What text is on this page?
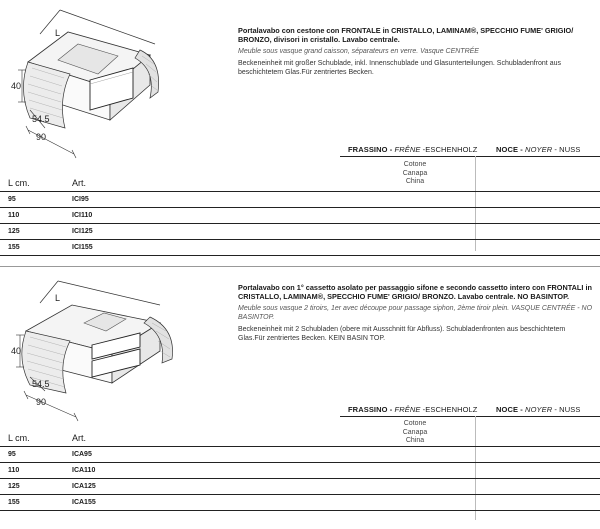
L
40
54.5
90
Portalavabo con cestone con FRONTALE in CRISTALLO, LAMINAM®, SPECCHIO FUME' GRIGIO/ BRONZO, divisori in cristallo. Lavabo centrale.
Meuble sous vasque grand caisson, séparateurs en verre. Vasque CENTRÉE
Beckeneinheit mit großer Schublade, inkl. Innenschublade und Glasunterteilungen. Schubladenfront aus beschichtetem Glas.Für zentriertes Becken.
FRASSINO - FRÊNE -ESCHENHOLZ NOCE - NOYER - NUSS
Cotone
Canapa
China
L cm.	Art.
95	ICI95
110	ICI110
125	ICI125
155	ICI155
L
40
54.5
90
Portalavabo con 1° cassetto asolato per passaggio sifone e secondo cassetto intero con FRONTALI in CRISTALLO, LAMINAM®, SPECCHIO FUME' GRIGIO/ BRONZO. Lavabo centrale. NO BASINTOP.
Meuble sous vasque 2 tiroirs, 1er avec découpe pour passage siphon, 2ème tiroir plein. VASQUE CENTRÉE - NO BASINTOP.
Beckeneinheit mit 2 Schubladen (obere mit Ausschnitt für Abfluss). Schubladenfronten aus beschichtetem Glas.Für zentriertes Becken. KEIN BASIN TOP.
FRASSINO - FRÊNE -ESCHENHOLZ NOCE - NOYER - NUSS
Cotone
Canapa
China
L cm.	Art.
95	ICA95
110	ICA110
125	ICA125
155	ICA155
